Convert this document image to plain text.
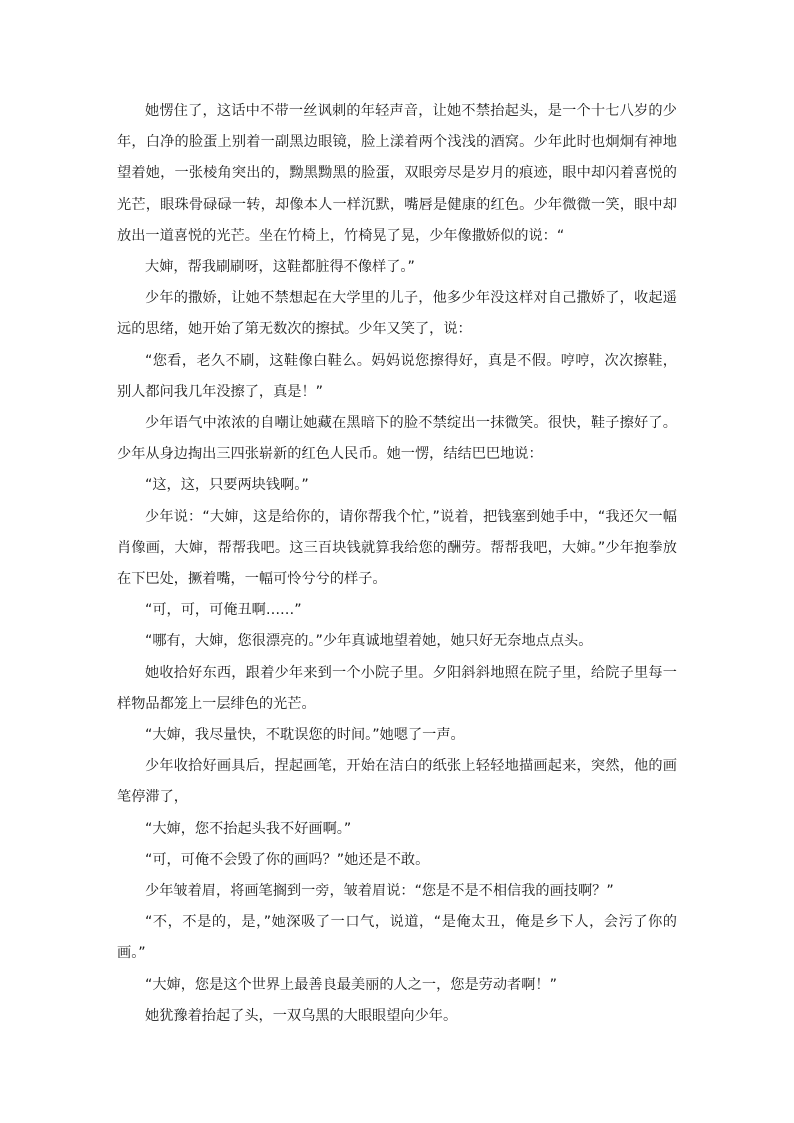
她愣住了，这话中不带一丝讽刺的年轻声音，让她不禁抬起头，是一个十七八岁的少年，白净的脸蛋上别着一副黑边眼镜，脸上漾着两个浅浅的酒窝。少年此时也炯炯有神地望着她，一张棱角突出的，黝黑黝黑的脸蛋，双眼旁尽是岁月的痕迹，眼中却闪着喜悦的光芒，眼珠骨碌碌一转，却像本人一样沉默，嘴唇是健康的红色。少年微微一笑，眼中却放出一道喜悦的光芒。坐在竹椅上，竹椅晃了晃，少年像撒娇似的说：“

大婶，帮我刷刷呀，这鞋都脏得不像样了。”

少年的撒娇，让她不禁想起在大学里的儿子，他多少年没这样对自己撒娇了，收起遥远的思绪，她开始了第无数次的擦拭。少年又笑了，说：

“您看，老久不刷，这鞋像白鞋么。妈妈说您擦得好，真是不假。哼哼，次次擦鞋，别人都问我几年没擦了，真是！”

少年语气中浓浓的自嘲让她藏在黑暗下的脸不禁绽出一抹微笑。很快，鞋子擦好了。少年从身边掏出三四张崭新的红色人民币。她一愣，结结巴巴地说：

“这，这，只要两块钱啊。”

少年说：“大婶，这是给你的，请你帮我个忙，”说着，把钱塞到她手中，“我还欠一幅肖像画，大婶，帮帮我吧。这三百块钱就算我给您的酬劳。帮帮我吧，大婶。”少年抱拳放在下巴处，撅着嘴，一幅可怜兮兮的样子。

“可，可，可俺丑啊……”

“哪有，大婶，您很漂亮的。”少年真诚地望着她，她只好无奈地点点头。

她收拾好东西，跟着少年来到一个小院子里。夕阳斜斜地照在院子里，给院子里每一样物品都笼上一层绯色的光芒。

“大婶，我尽量快，不耽误您的时间。”她嗯了一声。

少年收拾好画具后，捏起画笔，开始在洁白的纸张上轻轻地描画起来，突然，他的画笔停滞了，

“大婶，您不抬起头我不好画啊。”

“可，可俺不会毁了你的画吗？”她还是不敢。

少年皱着眉，将画笔搁到一旁，皱着眉说：“您是不是不相信我的画技啊？”

“不，不是的，是，”她深吸了一口气，说道，“是俺太丑，俺是乡下人，会污了你的画。”

“大婶，您是这个世界上最善良最美丽的人之一，您是劳动者啊！”

她犹豫着抬起了头，一双乌黑的大眼眼望向少年。
